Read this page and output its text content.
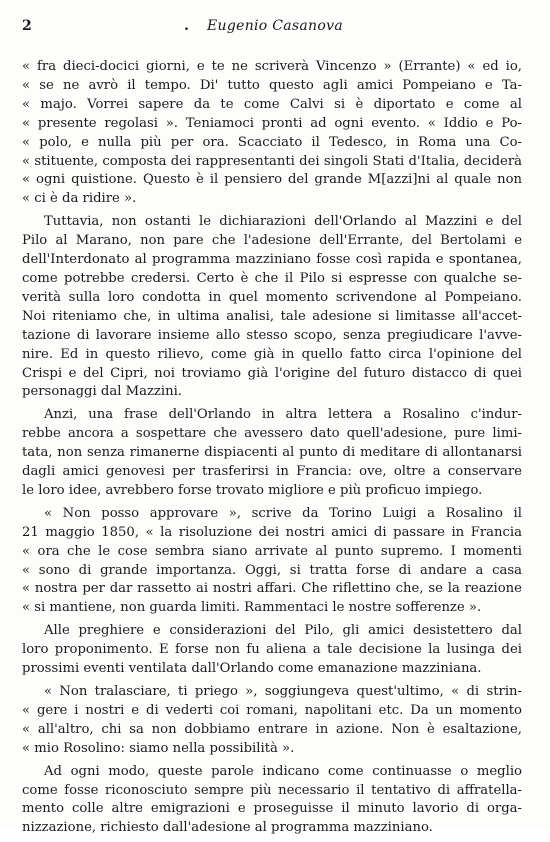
2	.	Eugenio Casanova
« fra dieci-docici giorni, e te ne scriverà Vincenzo » (Errante) « ed io,
« se ne avrò il tempo. Di' tutto questo agli amici Pompeiano e Ta-
« majo. Vorrei sapere da te come Calvi si è diportato e come al
« presente regolasi ». Teniamoci pronti ad ogni evento. « Iddio e Po-
« polo, e nulla più per ora. Scacciato il Tedesco, in Roma una Co-
« stituente, composta dei rappresentanti dei singoli Stati d'Italia, deciderà
« ogni quistione. Questo è il pensiero del grande M[azzi]ni al quale non
« ci è da ridire ».
Tuttavia, non ostanti le dichiarazioni dell'Orlando al Mazzini e del
Pilo al Marano, non pare che l'adesione dell'Errante, del Bertolami e
dell'Interdonato al programma mazziniano fosse così rapida e spontanea,
come potrebbe credersi. Certo è che il Pilo si espresse con qualche se-
verità sulla loro condotta in quel momento scrivendone al Pompeiano.
Noi riteniamo che, in ultima analisi, tale adesione si limitasse all'accet-
tazione di lavorare insieme allo stesso scopo, senza pregiudicare l'avve-
nire. Ed in questo rilievo, come già in quello fatto circa l'opinione del
Crispi e del Cipri, noi troviamo già l'origine del futuro distacco di quei
personaggi dal Mazzini.
Anzi, una frase dell'Orlando in altra lettera a Rosalino c'indur-
rebbe ancora a sospettare che avessero dato quell'adesione, pure limi-
tata, non senza rimanerne dispiacenti al punto di meditare di allontanarsi
dagli amici genovesi per trasferirsi in Francia: ove, oltre a conservare
le loro idee, avrebbero forse trovato migliore e più proficuo impiego.
« Non posso approvare », scrive da Torino Luigi a Rosalino il
21 maggio 1850, « la risoluzione dei nostri amici di passare in Francia
« ora che le cose sembra siano arrivate al punto supremo. I momenti
« sono di grande importanza. Oggi, si tratta forse di andare a casa
« nostra per dar rassetto ai nostri affari. Che riflettino che, se la reazione
« si mantiene, non guarda limiti. Rammentaci le nostre sofferenze ».
Alle preghiere e considerazioni del Pilo, gli amici desistettero dal
loro proponimento. E forse non fu aliena a tale decisione la lusinga dei
prossimi eventi ventilata dall'Orlando come emanazione mazziniana.
« Non tralasciare, ti priego », soggiungeva quest'ultimo, « di strin-
« gere i nostri e di vederti coi romani, napolitani etc. Da un momento
« all'altro, chi sa non dobbiamo entrare in azione. Non è esaltazione,
« mio Rosolino: siamo nella possibilità ».
Ad ogni modo, queste parole indicano come continuasse o meglio
come fosse riconosciuto sempre più necessario il tentativo di affratella-
mento colle altre emigrazioni e proseguisse il minuto lavorio di orga-
nizzazione, richiesto dall'adesione al programma mazziniano.
